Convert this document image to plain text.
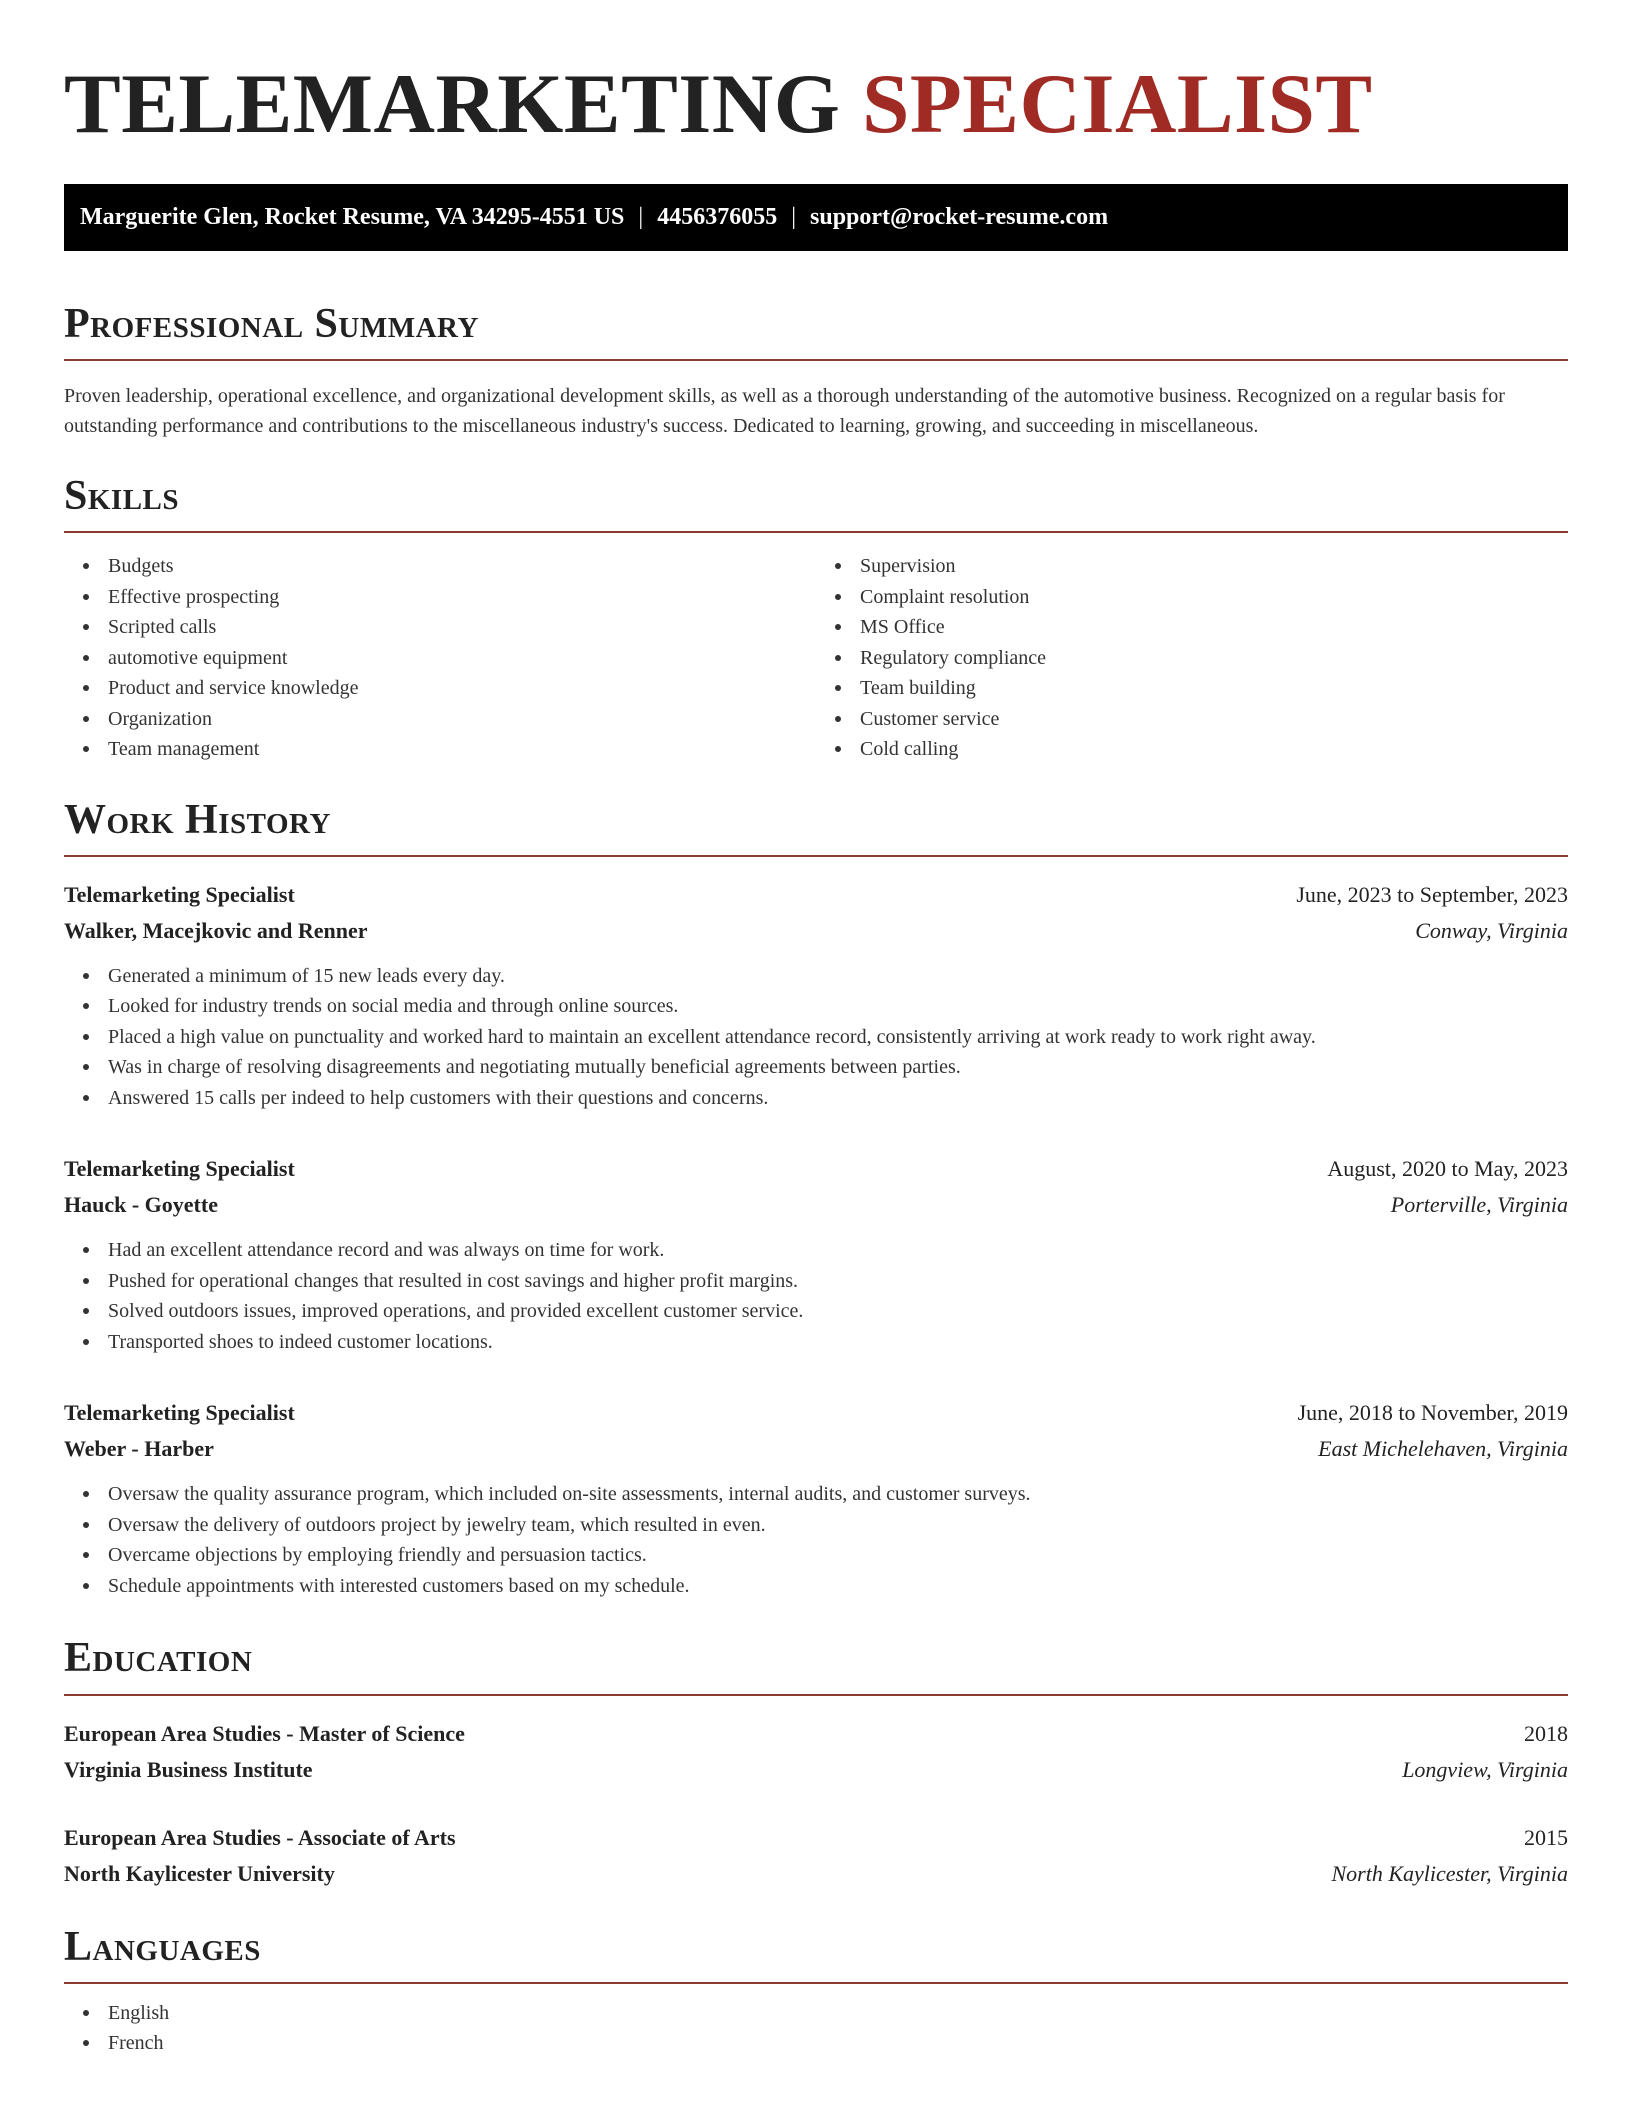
TELEMARKETING SPECIALIST
Marguerite Glen, Rocket Resume, VA 34295-4551 US | 4456376055 | support@rocket-resume.com
Professional Summary

Proven leadership, operational excellence, and organizational development skills, as well as a thorough understanding of the automotive business. Recognized on a regular basis for outstanding performance and contributions to the miscellaneous industry's success. Dedicated to learning, growing, and succeeding in miscellaneous.

Skills
Budgets
Effective prospecting
Scripted calls
automotive equipment
Product and service knowledge
Organization
Team management
Supervision
Complaint resolution
MS Office
Regulatory compliance
Team building
Customer service
Cold calling
Work History
Telemarketing Specialist	June, 2023 to September, 2023
Walker, Macejkovic and Renner	Conway, Virginia
Generated a minimum of 15 new leads every day.
Looked for industry trends on social media and through online sources.
Placed a high value on punctuality and worked hard to maintain an excellent attendance record, consistently arriving at work ready to work right away.
Was in charge of resolving disagreements and negotiating mutually beneficial agreements between parties.
Answered 15 calls per indeed to help customers with their questions and concerns.
Telemarketing Specialist	August, 2020 to May, 2023
Hauck - Goyette	Porterville, Virginia
Had an excellent attendance record and was always on time for work.
Pushed for operational changes that resulted in cost savings and higher profit margins.
Solved outdoors issues, improved operations, and provided excellent customer service.
Transported shoes to indeed customer locations.
Telemarketing Specialist	June, 2018 to November, 2019
Weber - Harber	East Michelehaven, Virginia
Oversaw the quality assurance program, which included on-site assessments, internal audits, and customer surveys.
Oversaw the delivery of outdoors project by jewelry team, which resulted in even.
Overcame objections by employing friendly and persuasion tactics.
Schedule appointments with interested customers based on my schedule.
Education
European Area Studies - Master of Science	2018
Virginia Business Institute	Longview, Virginia
European Area Studies - Associate of Arts	2015
North Kaylicester University	North Kaylicester, Virginia
Languages
English
French
